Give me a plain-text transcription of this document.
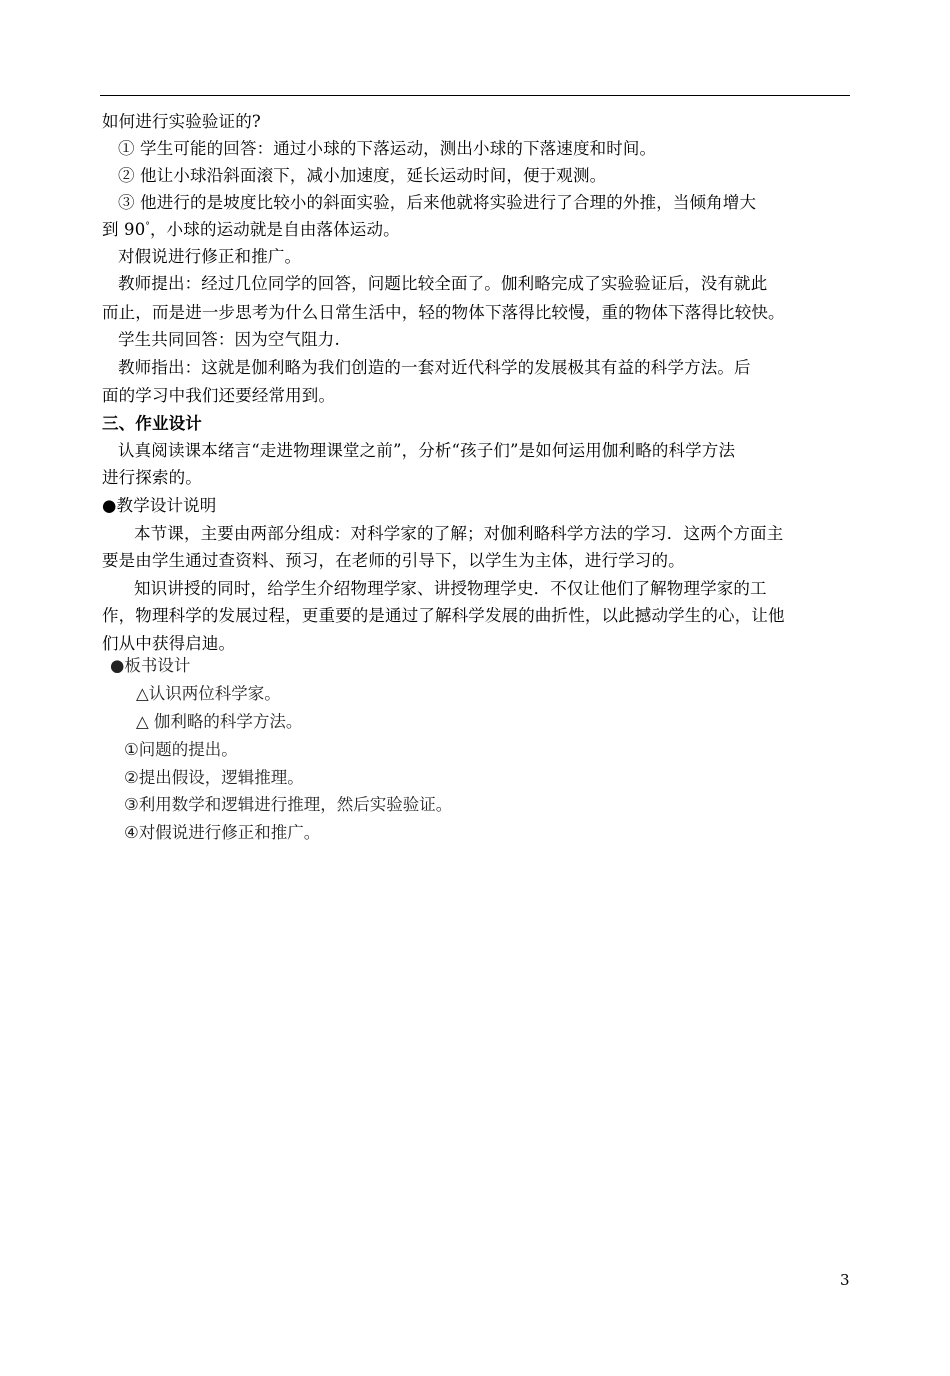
如何进行实验验证的?
① 学生可能的回答：通过小球的下落运动，测出小球的下落速度和时间。
② 他让小球沿斜面滚下，减小加速度，延长运动时间，便于观测。
③ 他进行的是坡度比较小的斜面实验，后来他就将实验进行了合理的外推，当倾角增大
到 90°，小球的运动就是自由落体运动。
对假说进行修正和推广。
教师提出：经过几位同学的回答，问题比较全面了。伽利略完成了实验验证后，没有就此
而止，而是进一步思考为什么日常生活中，轻的物体下落得比较慢，重的物体下落得比较快。
学生共同回答：因为空气阻力.
教师指出：这就是伽利略为我们创造的一套对近代科学的发展极其有益的科学方法。后
面的学习中我们还要经常用到。
三、作业设计
认真阅读课本绪言“走进物理课堂之前”，分析“孩子们”是如何运用伽利略的科学方法
进行探索的。
●教学设计说明
本节课，主要由两部分组成：对科学家的了解；对伽利略科学方法的学习．这两个方面主
要是由学生通过查资料、预习，在老师的引导下，以学生为主体，进行学习的。
知识讲授的同时，给学生介绍物理学家、讲授物理学史．不仅让他们了解物理学家的工
作，物理科学的发展过程，更重要的是通过了解科学发展的曲折性，以此撼动学生的心，让他
们从中获得启迪。
●板书设计
△认识两位科学家。
△ 伽利略的科学方法。
①问题的提出。
②提出假设，逻辑推理。
③利用数学和逻辑进行推理，然后实验验证。
④对假说进行修正和推广。
3
